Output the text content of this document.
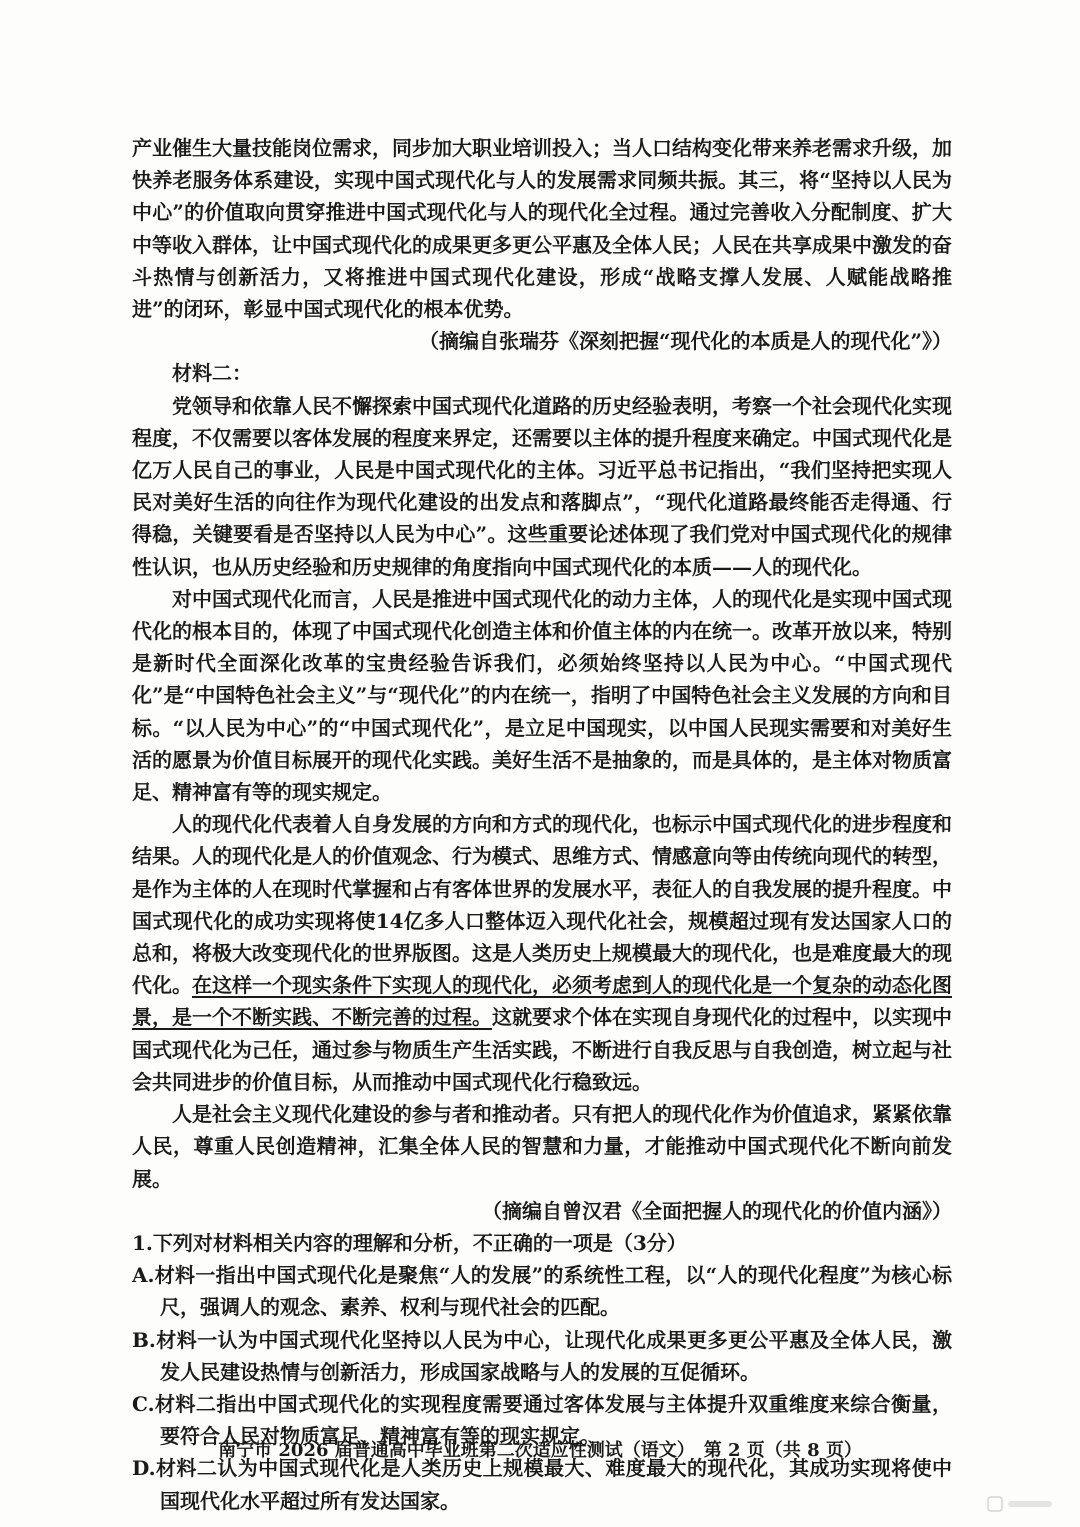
产业催生大量技能岗位需求，同步加大职业培训投入；当人口结构变化带来养老需求升级，加快养老服务体系建设，实现中国式现代化与人的发展需求同频共振。其三，将“坚持以人民为中心”的价值取向贯穿推进中国式现代化与人的现代化全过程。通过完善收入分配制度、扩大中等收入群体，让中国式现代化的成果更多更公平惠及全体人民；人民在共享成果中激发的奋斗热情与创新活力，又将推进中国式现代化建设，形成“战略支撑人发展、人赋能战略推进”的闭环，彰显中国式现代化的根本优势。

（摘编自张瑞芬《深刻把握“现代化的本质是人的现代化”》）

材料二：

党领导和依靠人民不懈探索中国式现代化道路的历史经验表明，考察一个社会现代化实现程度，不仅需要以客体发展的程度来界定，还需要以主体的提升程度来确定。中国式现代化是亿万人民自己的事业，人民是中国式现代化的主体。习近平总书记指出，“我们坚持把实现人民对美好生活的向往作为现代化建设的出发点和落脚点”，“现代化道路最终能否走得通、行得稳，关键要看是否坚持以人民为中心”。这些重要论述体现了我们党对中国式现代化的规律性认识，也从历史经验和历史规律的角度指向中国式现代化的本质——人的现代化。

对中国式现代化而言，人民是推进中国式现代化的动力主体，人的现代化是实现中国式现代化的根本目的，体现了中国式现代化创造主体和价值主体的内在统一。改革开放以来，特别是新时代全面深化改革的宝贵经验告诉我们，必须始终坚持以人民为中心。“中国式现代化”是“中国特色社会主义”与“现代化”的内在统一，指明了中国特色社会主义发展的方向和目标。“以人民为中心”的“中国式现代化”，是立足中国现实，以中国人民现实需要和对美好生活的愿景为价值目标展开的现代化实践。美好生活不是抽象的，而是具体的，是主体对物质富足、精神富有等的现实规定。

人的现代化代表着人自身发展的方向和方式的现代化，也标示中国式现代化的进步程度和结果。人的现代化是人的价值观念、行为模式、思维方式、情感意向等由传统向现代的转型，是作为主体的人在现时代掌握和占有客体世界的发展水平，表征人的自我发展的提升程度。中国式现代化的成功实现将使14亿多人口整体迈入现代化社会，规模超过现有发达国家人口的总和，将极大改变现代化的世界版图。这是人类历史上规模最大的现代化，也是难度最大的现代化。在这样一个现实条件下实现人的现代化，必须考虑到人的现代化是一个复杂的动态化图景，是一个不断实践、不断完善的过程。这就要求个体在实现自身现代化的过程中，以实现中国式现代化为己任，通过参与物质生产生活实践，不断进行自我反思与自我创造，树立起与社会共同进步的价值目标，从而推动中国式现代化行稳致远。

人是社会主义现代化建设的参与者和推动者。只有把人的现代化作为价值追求，紧紧依靠人民，尊重人民创造精神，汇集全体人民的智慧和力量，才能推动中国式现代化不断向前发展。

（摘编自曾汉君《全面把握人的现代化的价值内涵》）

1.下列对材料相关内容的理解和分析，不正确的一项是（3分）

A.材料一指出中国式现代化是聚焦“人的发展”的系统性工程，以“人的现代化程度”为核心标尺，强调人的观念、素养、权利与现代社会的匹配。

B.材料一认为中国式现代化坚持以人民为中心，让现代化成果更多更公平惠及全体人民，激发人民建设热情与创新活力，形成国家战略与人的发展的互促循环。

C.材料二指出中国式现代化的实现程度需要通过客体发展与主体提升双重维度来综合衡量，要符合人民对物质富足、精神富有等的现实规定。

D.材料二认为中国式现代化是人类历史上规模最大、难度最大的现代化，其成功实现将使中国现代化水平超过所有发达国家。

南宁市 2026 届普通高中毕业班第二次适应性测试（语文）　第 2 页（共 8 页）
